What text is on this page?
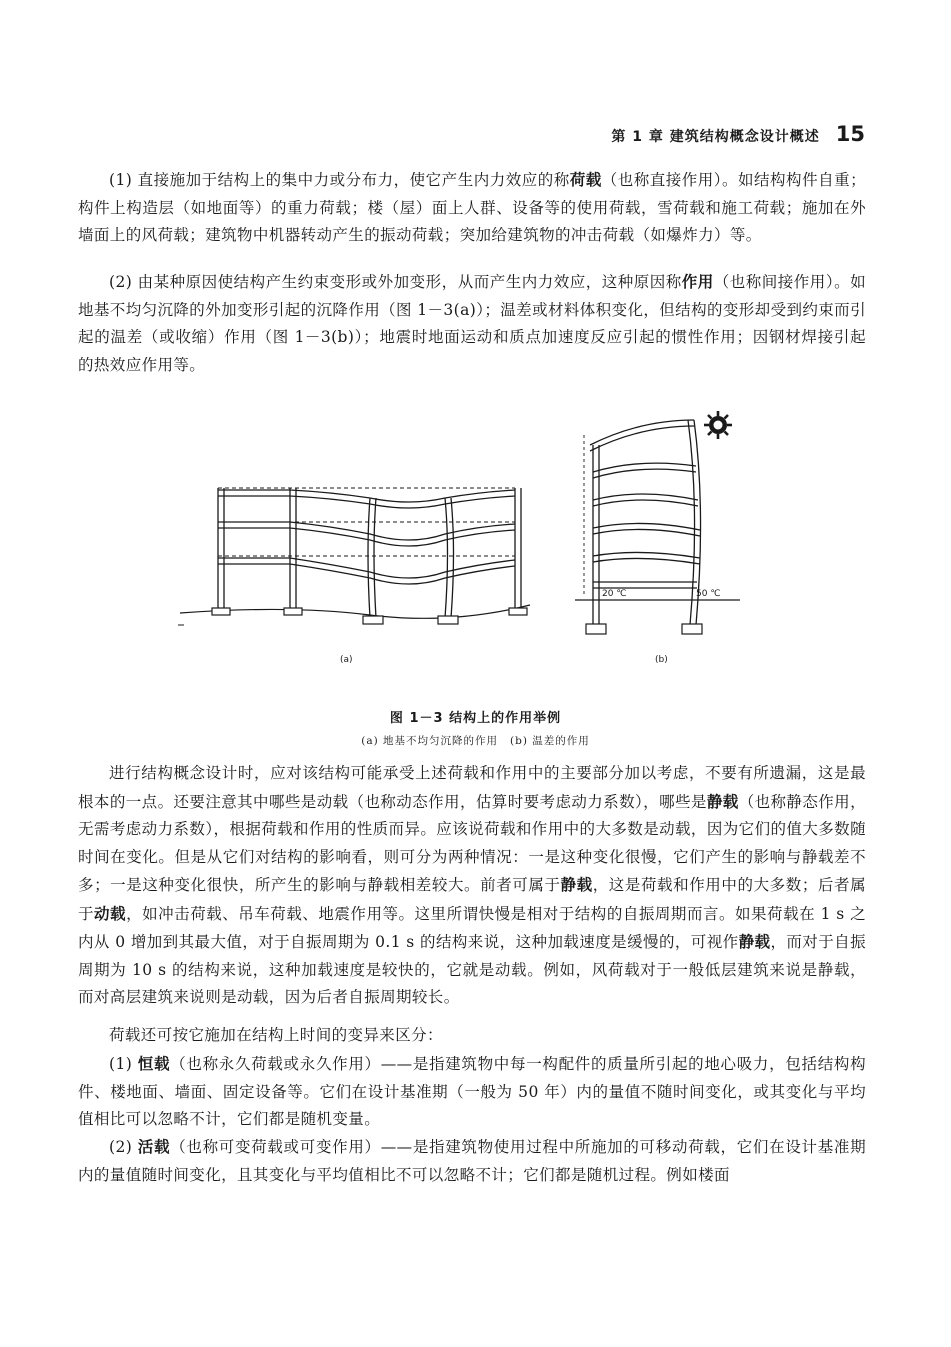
第 1 章 建筑结构概念设计概述 15

(1) 直接施加于结构上的集中力或分布力，使它产生内力效应的称荷载（也称直接作用）。如结构构件自重；构件上构造层（如地面等）的重力荷载；楼（屋）面上人群、设备等的使用荷载，雪荷载和施工荷载；施加在外墙面上的风荷载；建筑物中机器转动产生的振动荷载；突加给建筑物的冲击荷载（如爆炸力）等。

(2) 由某种原因使结构产生约束变形或外加变形，从而产生内力效应，这种原因称作用（也称间接作用）。如地基不均匀沉降的外加变形引起的沉降作用（图 1－3(a)）；温差或材料体积变化，但结构的变形却受到约束而引起的温差（或收缩）作用（图 1－3(b)）；地震时地面运动和质点加速度反应引起的惯性作用；因钢材焊接引起的热效应作用等。

(a)
20 ℃	50 ℃
(b)
图 1－3 结构上的作用举例
(a) 地基不均匀沉降的作用 (b) 温差的作用

进行结构概念设计时，应对该结构可能承受上述荷载和作用中的主要部分加以考虑，不要有所遗漏，这是最根本的一点。还要注意其中哪些是动载（也称动态作用，估算时要考虑动力系数），哪些是静载（也称静态作用，无需考虑动力系数），根据荷载和作用的性质而异。应该说荷载和作用中的大多数是动载，因为它们的值大多数随时间在变化。但是从它们对结构的影响看，则可分为两种情况：一是这种变化很慢，它们产生的影响与静载差不多；一是这种变化很快，所产生的影响与静载相差较大。前者可属于静载，这是荷载和作用中的大多数；后者属于动载，如冲击荷载、吊车荷载、地震作用等。这里所谓快慢是相对于结构的自振周期而言。如果荷载在 1 s 之内从 0 增加到其最大值，对于自振周期为 0.1 s 的结构来说，这种加载速度是缓慢的，可视作静载，而对于自振周期为 10 s 的结构来说，这种加载速度是较快的，它就是动载。例如，风荷载对于一般低层建筑来说是静载，而对高层建筑来说则是动载，因为后者自振周期较长。

荷载还可按它施加在结构上时间的变异来区分：

(1) 恒载（也称永久荷载或永久作用）——是指建筑物中每一构配件的质量所引起的地心吸力，包括结构构件、楼地面、墙面、固定设备等。它们在设计基准期（一般为 50 年）内的量值不随时间变化，或其变化与平均值相比可以忽略不计，它们都是随机变量。

(2) 活载（也称可变荷载或可变作用）——是指建筑物使用过程中所施加的可移动荷载，它们在设计基准期内的量值随时间变化，且其变化与平均值相比不可以忽略不计；它们都是随机过程。例如楼面
